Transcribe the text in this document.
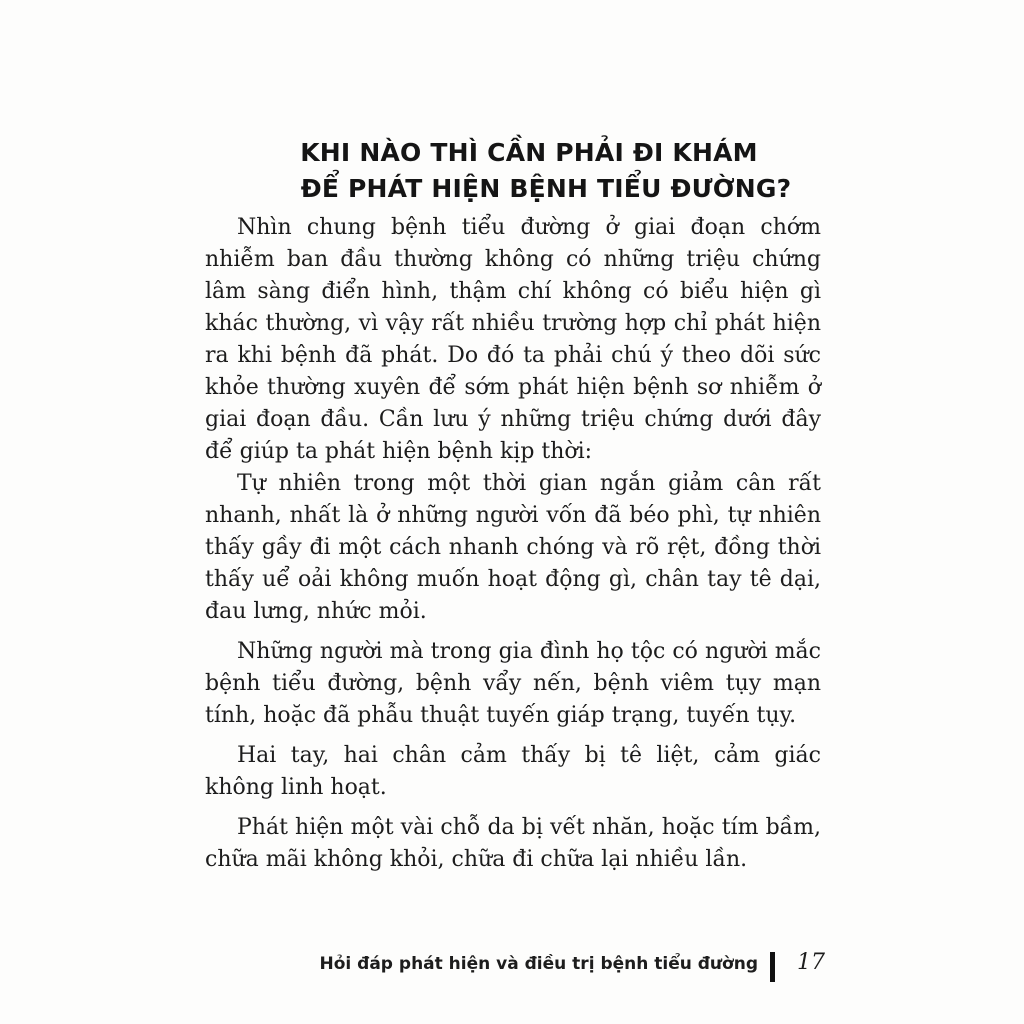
KHI NÀO THÌ CẦN PHẢI ĐI KHÁM
ĐỂ PHÁT HIỆN BỆNH TIỂU ĐƯỜNG?

Nhìn chung bệnh tiểu đường ở giai đoạn chớm nhiễm ban đầu thường không có những triệu chứng lâm sàng điển hình, thậm chí không có biểu hiện gì khác thường, vì vậy rất nhiều trường hợp chỉ phát hiện ra khi bệnh đã phát. Do đó ta phải chú ý theo dõi sức khỏe thường xuyên để sớm phát hiện bệnh sơ nhiễm ở giai đoạn đầu. Cần lưu ý những triệu chứng dưới đây để giúp ta phát hiện bệnh kịp thời:

Tự nhiên trong một thời gian ngắn giảm cân rất nhanh, nhất là ở những người vốn đã béo phì, tự nhiên thấy gầy đi một cách nhanh chóng và rõ rệt, đồng thời thấy uể oải không muốn hoạt động gì, chân tay tê dại, đau lưng, nhức mỏi.

Những người mà trong gia đình họ tộc có người mắc bệnh tiểu đường, bệnh vẩy nến, bệnh viêm tụy mạn tính, hoặc đã phẫu thuật tuyến giáp trạng, tuyến tụy.

Hai tay, hai chân cảm thấy bị tê liệt, cảm giác không linh hoạt.

Phát hiện một vài chỗ da bị vết nhăn, hoặc tím bầm, chữa mãi không khỏi, chữa đi chữa lại nhiều lần.

Hỏi đáp phát hiện và điều trị bệnh tiểu đường 17
